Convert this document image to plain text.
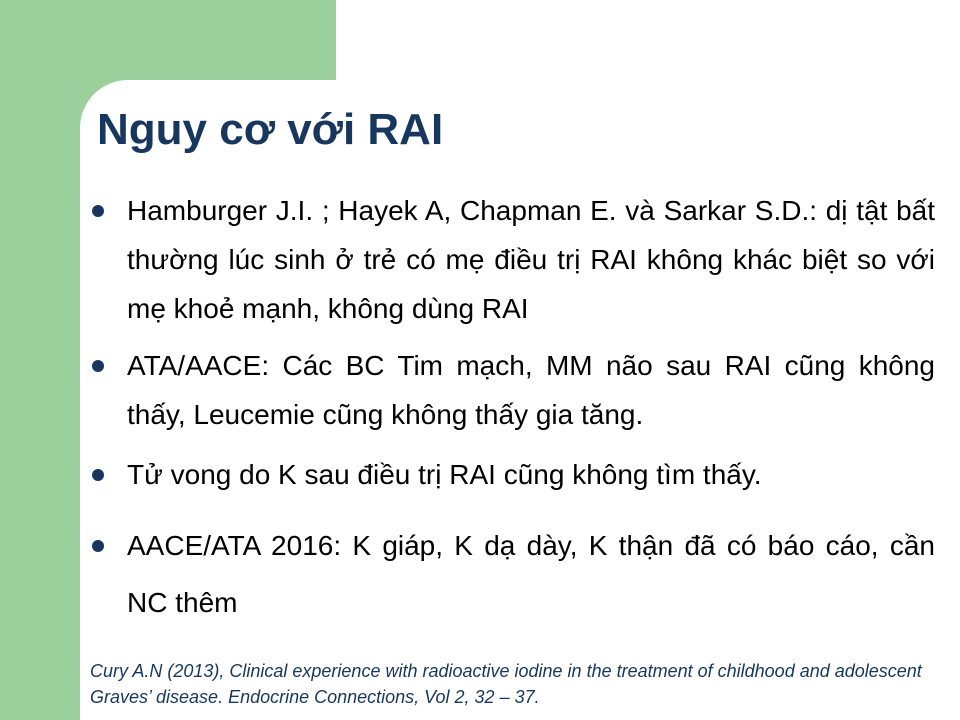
Nguy cơ với RAI
Hamburger J.I. ; Hayek A, Chapman E. và Sarkar S.D.: dị tật bất thường lúc sinh ở trẻ có mẹ điều trị RAI không khác biệt so với mẹ khoẻ mạnh, không dùng RAI
ATA/AACE: Các BC Tim mạch, MM não sau RAI cũng không thấy, Leucemie cũng không thấy gia tăng.
Tử vong do K sau điều trị RAI cũng không tìm thấy.
AACE/ATA 2016: K giáp, K dạ dày, K thận đã có báo cáo, cần NC thêm

Cury A.N (2013), Clinical experience with radioactive iodine in the treatment of childhood and adolescent Graves’ disease. Endocrine Connections, Vol 2, 32 – 37.
